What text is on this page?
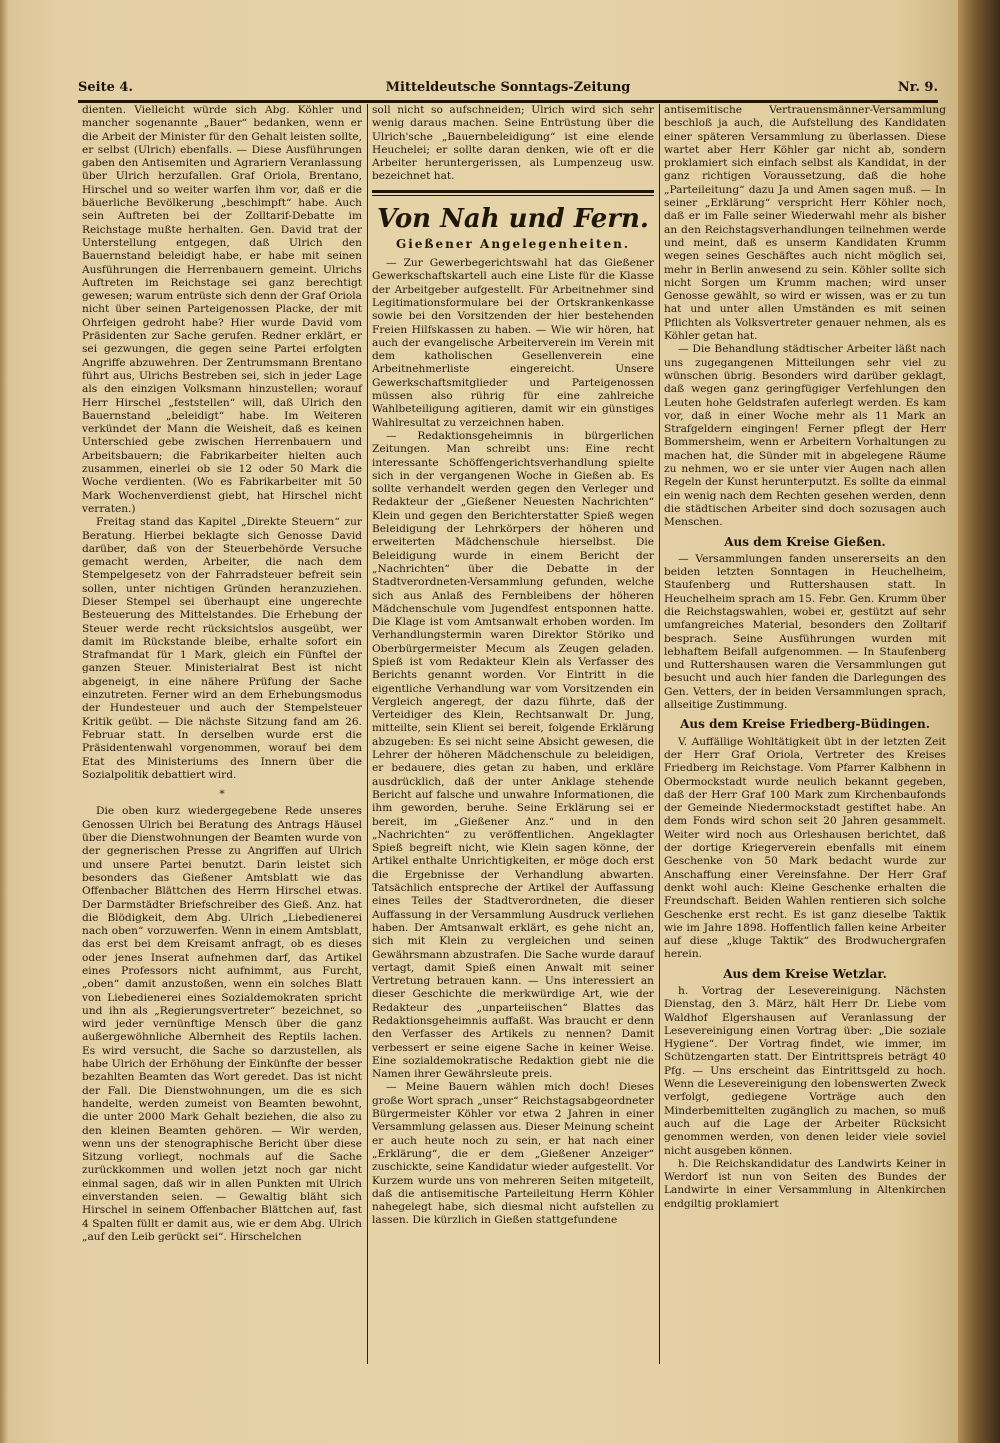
Seite 4.	Mitteldeutsche Sonntags-Zeitung	Nr. 9.

dienten. Vielleicht würde sich Abg. Köhler und mancher sogenannte „Bauer“ bedanken, wenn er die Arbeit der Minister für den Gehalt leisten sollte, er selbst (Ulrich) ebenfalls. — Diese Ausführungen gaben den Antisemiten und Agrariern Veranlassung über Ulrich herzufallen. Graf Oriola, Brentano, Hirschel und so weiter warfen ihm vor, daß er die bäuerliche Bevölkerung „beschimpft“ habe. Auch sein Auftreten bei der Zolltarif-Debatte im Reichstage mußte herhalten. Gen. David trat der Unterstellung entgegen, daß Ulrich den Bauernstand beleidigt habe, er habe mit seinen Ausführungen die Herrenbauern gemeint. Ulrichs Auftreten im Reichstage sei ganz berechtigt gewesen; warum entrüste sich denn der Graf Oriola nicht über seinen Parteigenossen Placke, der mit Ohrfeigen gedroht habe? Hier wurde David vom Präsidenten zur Sache gerufen. Redner erklärt, er sei gezwungen, die gegen seine Partei erfolgten Angriffe abzuwehren. Der Zentrumsmann Brentano führt aus, Ulrichs Bestreben sei, sich in jeder Lage als den einzigen Volksmann hinzustellen; worauf Herr Hirschel „feststellen“ will, daß Ulrich den Bauernstand „beleidigt“ habe. Im Weiteren verkündet der Mann die Weisheit, daß es keinen Unterschied gebe zwischen Herrenbauern und Arbeitsbauern; die Fabrikarbeiter hielten auch zusammen, einerlei ob sie 12 oder 50 Mark die Woche verdienten. (Wo es Fabrikarbeiter mit 50 Mark Wochenverdienst giebt, hat Hirschel nicht verraten.)

Freitag stand das Kapitel „Direkte Steuern“ zur Beratung. Hierbei beklagte sich Genosse David darüber, daß von der Steuerbehörde Versuche gemacht werden, Arbeiter, die nach dem Stempelgesetz von der Fahrradsteuer befreit sein sollen, unter nichtigen Gründen heranzuziehen. Dieser Stempel sei überhaupt eine ungerechte Besteuerung des Mittelstandes. Die Erhebung der Steuer werde recht rücksichtslos ausgeübt, wer damit im Rückstande bleibe, erhalte sofort ein Strafmandat für 1 Mark, gleich ein Fünftel der ganzen Steuer. Ministerialrat Best ist nicht abgeneigt, in eine nähere Prüfung der Sache einzutreten. Ferner wird an dem Erhebungsmodus der Hundesteuer und auch der Stempelsteuer Kritik geübt. — Die nächste Sitzung fand am 26. Februar statt. In derselben wurde erst die Präsidentenwahl vorgenommen, worauf bei dem Etat des Ministeriums des Innern über die Sozialpolitik debattiert wird.

*

Die oben kurz wiedergegebene Rede unseres Genossen Ulrich bei Beratung des Antrags Häusel über die Dienstwohnungen der Beamten wurde von der gegnerischen Presse zu Angriffen auf Ulrich und unsere Partei benutzt. Darin leistet sich besonders das Gießener Amtsblatt wie das Offenbacher Blättchen des Herrn Hirschel etwas. Der Darmstädter Briefschreiber des Gieß. Anz. hat die Blödigkeit, dem Abg. Ulrich „Liebedienerei nach oben“ vorzuwerfen. Wenn in einem Amtsblatt, das erst bei dem Kreisamt anfragt, ob es dieses oder jenes Inserat aufnehmen darf, das Artikel eines Professors nicht aufnimmt, aus Furcht, „oben“ damit anzustoßen, wenn ein solches Blatt von Liebedienerei eines Sozialdemokraten spricht und ihn als „Regierungsvertreter“ bezeichnet, so wird jeder vernünftige Mensch über die ganz außergewöhnliche Albernheit des Reptils lachen. Es wird versucht, die Sache so darzustellen, als habe Ulrich der Erhöhung der Einkünfte der besser bezahlten Beamten das Wort geredet. Das ist nicht der Fall. Die Dienstwohnungen, um die es sich handelte, werden zumeist von Beamten bewohnt, die unter 2000 Mark Gehalt beziehen, die also zu den kleinen Beamten gehören. — Wir werden, wenn uns der stenographische Bericht über diese Sitzung vorliegt, nochmals auf die Sache zurückkommen und wollen jetzt noch gar nicht einmal sagen, daß wir in allen Punkten mit Ulrich einverstanden seien. — Gewaltig bläht sich Hirschel in seinem Offenbacher Blättchen auf, fast 4 Spalten füllt er damit aus, wie er dem Abg. Ulrich „auf den Leib gerückt sei“. Hirschelchen

soll nicht so aufschneiden; Ulrich wird sich sehr wenig daraus machen. Seine Entrüstung über die Ulrich'sche „Bauernbeleidigung“ ist eine elende Heuchelei; er sollte daran denken, wie oft er die Arbeiter heruntergerissen, als Lumpenzeug usw. bezeichnet hat.

Von Nah und Fern.
Gießener Angelegenheiten.

— Zur Gewerbegerichtswahl hat das Gießener Gewerkschaftskartell auch eine Liste für die Klasse der Arbeitgeber aufgestellt. Für Arbeitnehmer sind Legitimationsformulare bei der Ortskrankenkasse sowie bei den Vorsitzenden der hier bestehenden Freien Hilfskassen zu haben. — Wie wir hören, hat auch der evangelische Arbeiterverein im Verein mit dem katholischen Gesellenverein eine Arbeitnehmerliste eingereicht. Unsere Gewerkschaftsmitglieder und Parteigenossen müssen also rührig für eine zahlreiche Wahlbeteiligung agitieren, damit wir ein günstiges Wahlresultat zu verzeichnen haben.

— Redaktionsgeheimnis in bürgerlichen Zeitungen. Man schreibt uns: Eine recht interessante Schöffengerichtsverhandlung spielte sich in der vergangenen Woche in Gießen ab. Es sollte verhandelt werden gegen den Verleger und Redakteur der „Gießener Neuesten Nachrichten“ Klein und gegen den Berichterstatter Spieß wegen Beleidigung der Lehrkörpers der höheren und erweiterten Mädchenschule hierselbst. Die Beleidigung wurde in einem Bericht der „Nachrichten“ über die Debatte in der Stadtverordneten-Versammlung gefunden, welche sich aus Anlaß des Fernbleibens der höheren Mädchenschule vom Jugendfest entsponnen hatte. Die Klage ist vom Amtsanwalt erhoben worden. Im Verhandlungstermin waren Direktor Störiko und Oberbürgermeister Mecum als Zeugen geladen. Spieß ist vom Redakteur Klein als Verfasser des Berichts genannt worden. Vor Eintritt in die eigentliche Verhandlung war vom Vorsitzenden ein Vergleich angeregt, der dazu führte, daß der Verteidiger des Klein, Rechtsanwalt Dr. Jung, mitteilte, sein Klient sei bereit, folgende Erklärung abzugeben: Es sei nicht seine Absicht gewesen, die Lehrer der höheren Mädchenschule zu beleidigen, er bedauere, dies getan zu haben, und erkläre ausdrücklich, daß der unter Anklage stehende Bericht auf falsche und unwahre Informationen, die ihm geworden, beruhe. Seine Erklärung sei er bereit, im „Gießener Anz.“ und in den „Nachrichten“ zu veröffentlichen. Angeklagter Spieß begreift nicht, wie Klein sagen könne, der Artikel enthalte Unrichtigkeiten, er möge doch erst die Ergebnisse der Verhandlung abwarten. Tatsächlich entspreche der Artikel der Auffassung eines Teiles der Stadtverordneten, die dieser Auffassung in der Versammlung Ausdruck verliehen haben. Der Amtsanwalt erklärt, es gehe nicht an, sich mit Klein zu vergleichen und seinen Gewährsmann abzustrafen. Die Sache wurde darauf vertagt, damit Spieß einen Anwalt mit seiner Vertretung betrauen kann. — Uns interessiert an dieser Geschichte die merkwürdige Art, wie der Redakteur des „unparteiischen“ Blattes das Redaktionsgeheimnis auffaßt. Was braucht er denn den Verfasser des Artikels zu nennen? Damit verbessert er seine eigene Sache in keiner Weise. Eine sozialdemokratische Redaktion giebt nie die Namen ihrer Gewährsleute preis.

— Meine Bauern wählen mich doch! Dieses große Wort sprach „unser“ Reichstagsabgeordneter Bürgermeister Köhler vor etwa 2 Jahren in einer Versammlung gelassen aus. Dieser Meinung scheint er auch heute noch zu sein, er hat nach einer „Erklärung“, die er dem „Gießener Anzeiger“ zuschickte, seine Kandidatur wieder aufgestellt. Vor Kurzem wurde uns von mehreren Seiten mitgeteilt, daß die antisemitische Parteileitung Herrn Köhler nahegelegt habe, sich diesmal nicht aufstellen zu lassen. Die kürzlich in Gießen stattgefundene

antisemitische Vertrauensmänner-Versammlung beschloß ja auch, die Aufstellung des Kandidaten einer späteren Versammlung zu überlassen. Diese wartet aber Herr Köhler gar nicht ab, sondern proklamiert sich einfach selbst als Kandidat, in der ganz richtigen Voraussetzung, daß die hohe „Parteileitung“ dazu Ja und Amen sagen muß. — In seiner „Erklärung“ verspricht Herr Köhler noch, daß er im Falle seiner Wiederwahl mehr als bisher an den Reichstagsverhandlungen teilnehmen werde und meint, daß es unserm Kandidaten Krumm wegen seines Geschäftes auch nicht möglich sei, mehr in Berlin anwesend zu sein. Köhler sollte sich nicht Sorgen um Krumm machen; wird unser Genosse gewählt, so wird er wissen, was er zu tun hat und unter allen Umständen es mit seinen Pflichten als Volksvertreter genauer nehmen, als es Köhler getan hat.

— Die Behandlung städtischer Arbeiter läßt nach uns zugegangenen Mitteilungen sehr viel zu wünschen übrig. Besonders wird darüber geklagt, daß wegen ganz geringfügiger Verfehlungen den Leuten hohe Geldstrafen auferlegt werden. Es kam vor, daß in einer Woche mehr als 11 Mark an Strafgeldern eingingen! Ferner pflegt der Herr Bommersheim, wenn er Arbeitern Vorhaltungen zu machen hat, die Sünder mit in abgelegene Räume zu nehmen, wo er sie unter vier Augen nach allen Regeln der Kunst herunterputzt. Es sollte da einmal ein wenig nach dem Rechten gesehen werden, denn die städtischen Arbeiter sind doch sozusagen auch Menschen.

Aus dem Kreise Gießen.

— Versammlungen fanden unsererseits an den beiden letzten Sonntagen in Heuchelheim, Staufenberg und Ruttershausen statt. In Heuchelheim sprach am 15. Febr. Gen. Krumm über die Reichstagswahlen, wobei er, gestützt auf sehr umfangreiches Material, besonders den Zolltarif besprach. Seine Ausführungen wurden mit lebhaftem Beifall aufgenommen. — In Staufenberg und Ruttershausen waren die Versammlungen gut besucht und auch hier fanden die Darlegungen des Gen. Vetters, der in beiden Versammlungen sprach, allseitige Zustimmung.

Aus dem Kreise Friedberg-Büdingen.

V. Auffällige Wohltätigkeit übt in der letzten Zeit der Herr Graf Oriola, Vertreter des Kreises Friedberg im Reichstage. Vom Pfarrer Kalbhenn in Obermockstadt wurde neulich bekannt gegeben, daß der Herr Graf 100 Mark zum Kirchenbaufonds der Gemeinde Niedermockstadt gestiftet habe. An dem Fonds wird schon seit 20 Jahren gesammelt. Weiter wird noch aus Orleshausen berichtet, daß der dortige Kriegerverein ebenfalls mit einem Geschenke von 50 Mark bedacht wurde zur Anschaffung einer Vereinsfahne. Der Herr Graf denkt wohl auch: Kleine Geschenke erhalten die Freundschaft. Beiden Wahlen rentieren sich solche Geschenke erst recht. Es ist ganz dieselbe Taktik wie im Jahre 1898. Hoffentlich fallen keine Arbeiter auf diese „kluge Taktik“ des Brodwuchergrafen herein.

Aus dem Kreise Wetzlar.

h. Vortrag der Lesevereinigung. Nächsten Dienstag, den 3. März, hält Herr Dr. Liebe vom Waldhof Elgershausen auf Veranlassung der Lesevereinigung einen Vortrag über: „Die soziale Hygiene“. Der Vortrag findet, wie immer, im Schützengarten statt. Der Eintrittspreis beträgt 40 Pfg. — Uns erscheint das Eintrittsgeld zu hoch. Wenn die Lesevereinigung den lobenswerten Zweck verfolgt, gediegene Vorträge auch den Minderbemittelten zugänglich zu machen, so muß auch auf die Lage der Arbeiter Rücksicht genommen werden, von denen leider viele soviel nicht ausgeben können.

h. Die Reichskandidatur des Landwirts Keiner in Werdorf ist nun von Seiten des Bundes der Landwirte in einer Versammlung in Altenkirchen endgiltig proklamiert
